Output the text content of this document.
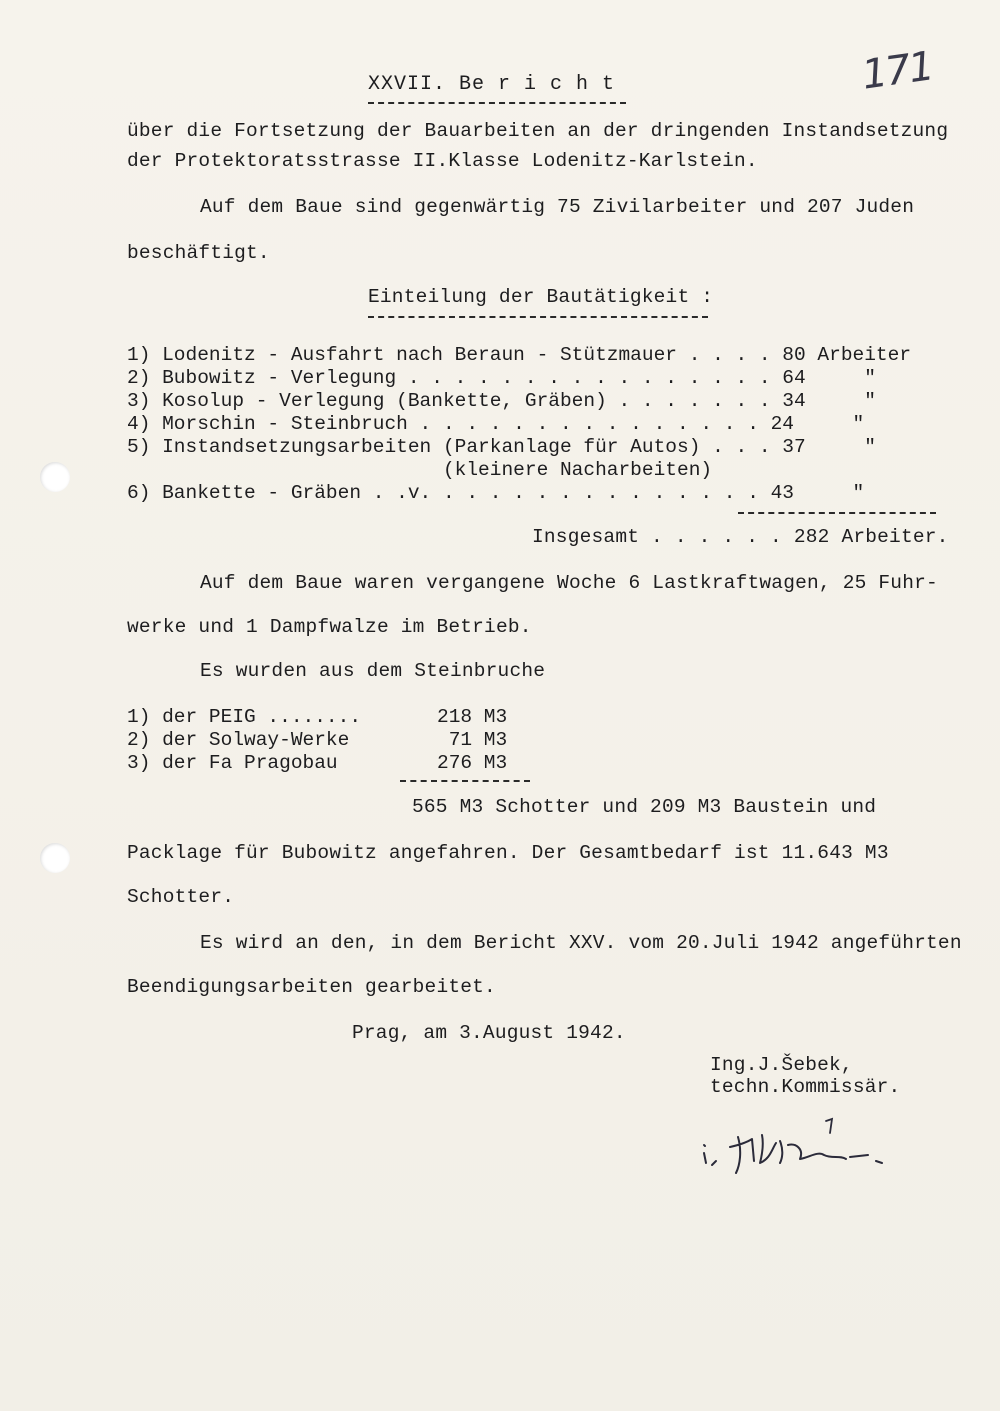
171
XXVII. Be r i c h t
über die Fortsetzung der Bauarbeiten an der dringenden Instandsetzung
der Protektoratsstrasse II.Klasse Lodenitz-Karlstein.
Auf dem Baue sind gegenwärtig 75 Zivilarbeiter und 207 Juden
beschäftigt.
Einteilung der Bautätigkeit :
1) Lodenitz - Ausfahrt nach Beraun - Stützmauer . . . . 80 Arbeiter
2) Bubowitz - Verlegung . . . . . . . . . . . . . . . . 64     "
3) Kosolup - Verlegung (Bankette, Gräben) . . . . . . . 34     "
4) Morschin - Steinbruch . . . . . . . . . . . . . . . 24     "
5) Instandsetzungsarbeiten (Parkanlage für Autos) . . . 37     "
(kleinere Nacharbeiten)
6) Bankette - Gräben . .v. . . . . . . . . . . . . . . 43     "
Insgesamt . . . . . . 282 Arbeiter.
Auf dem Baue waren vergangene Woche 6 Lastkraftwagen, 25 Fuhr-
werke und 1 Dampfwalze im Betrieb.
Es wurden aus dem Steinbruche
1) der PEIG ........	218 M3
2) der Solway-Werke	71 M3
3) der Fa Pragobau	276 M3
565 M3 Schotter und 209 M3 Baustein und
Packlage für Bubowitz angefahren. Der Gesamtbedarf ist 11.643 M3
Schotter.
Es wird an den, in dem Bericht XXV. vom 20.Juli 1942 angeführten
Beendigungsarbeiten gearbeitet.
Prag, am 3.August 1942.
Ing.J.Šebek,
techn.Kommissär.
